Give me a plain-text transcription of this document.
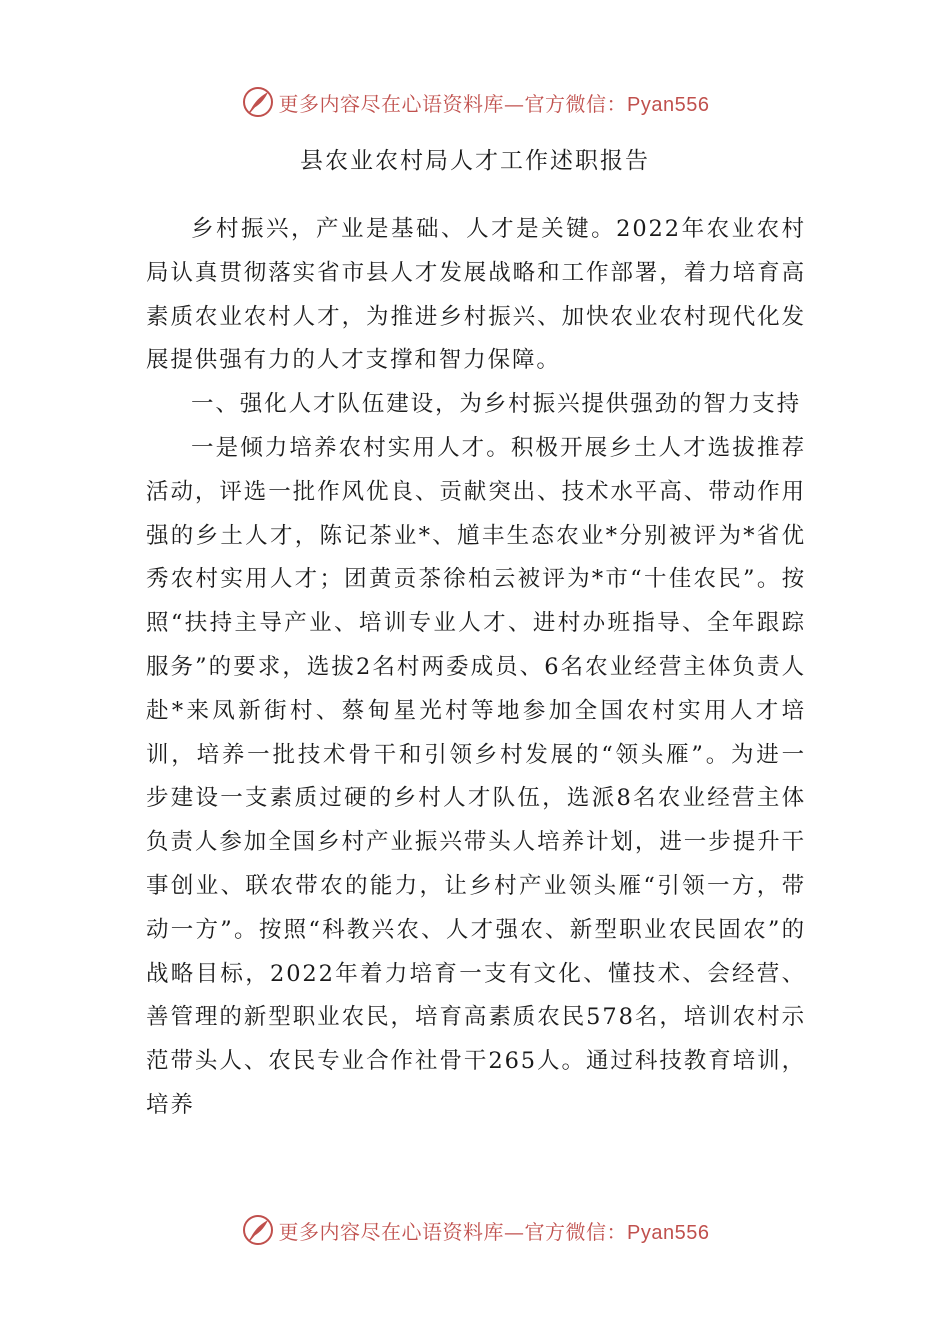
更多内容尽在心语资料库—官方微信：Pyan556
县农业农村局人才工作述职报告

乡村振兴，产业是基础、人才是关键。2022年农业农村局认真贯彻落实省市县人才发展战略和工作部署，着力培育高素质农业农村人才，为推进乡村振兴、加快农业农村现代化发展提供强有力的人才支撑和智力保障。

一、强化人才队伍建设，为乡村振兴提供强劲的智力支持

一是倾力培养农村实用人才。积极开展乡土人才选拔推荐活动，评选一批作风优良、贡献突出、技术水平高、带动作用强的乡土人才，陈记茶业*、馗丰生态农业*分别被评为*省优秀农村实用人才；团黄贡茶徐柏云被评为*市“十佳农民”。按照“扶持主导产业、培训专业人才、进村办班指导、全年跟踪服务”的要求，选拔2名村两委成员、6名农业经营主体负责人赴*来凤新街村、蔡甸星光村等地参加全国农村实用人才培训，培养一批技术骨干和引领乡村发展的“领头雁”。为进一步建设一支素质过硬的乡村人才队伍，选派8名农业经营主体负责人参加全国乡村产业振兴带头人培养计划，进一步提升干事创业、联农带农的能力，让乡村产业领头雁“引领一方，带动一方”。按照“科教兴农、人才强农、新型职业农民固农”的战略目标，2022年着力培育一支有文化、懂技术、会经营、善管理的新型职业农民，培育高素质农民578名，培训农村示范带头人、农民专业合作社骨干265人。通过科技教育培训，培养

更多内容尽在心语资料库—官方微信：Pyan556
